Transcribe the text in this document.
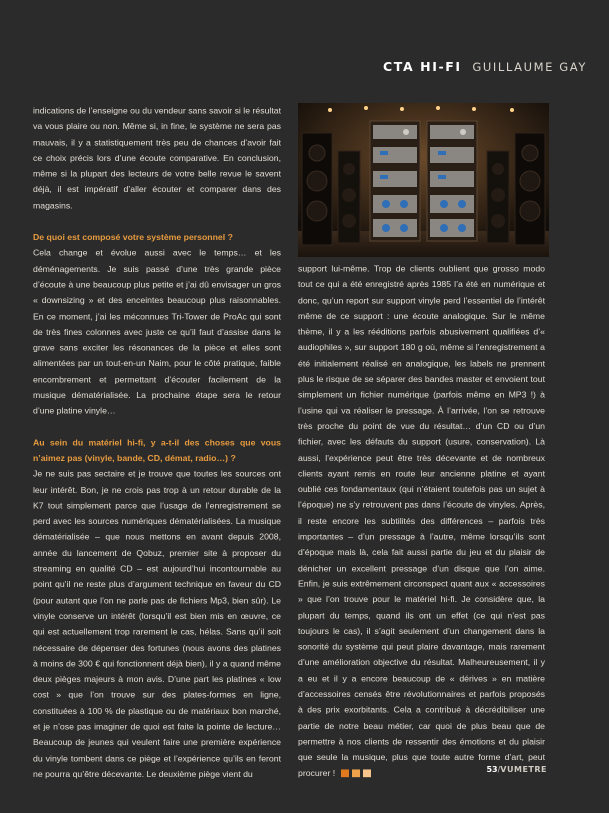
CTA HI-FI GUILLAUME GAY

indications de l’enseigne ou du vendeur sans savoir si le résultat va vous plaire ou non. Même si, in fine, le système ne sera pas mauvais, il y a statistiquement très peu de chances d’avoir fait ce choix précis lors d’une écoute comparative. En conclusion, même si la plupart des lecteurs de votre belle revue le savent déjà, il est impératif d’aller écouter et comparer dans des magasins.

De quoi est composé votre système personnel ?

Cela change et évolue aussi avec le temps… et les déménagements. Je suis passé d’une très grande pièce d’écoute à une beaucoup plus petite et j’ai dû envisager un gros « downsizing » et des enceintes beaucoup plus raisonnables. En ce moment, j’ai les méconnues Tri-Tower de ProAc qui sont de très fines colonnes avec juste ce qu’il faut d’assise dans le grave sans exciter les résonances de la pièce et elles sont alimentées par un tout-en-un Naim, pour le côté pratique, faible encombrement et permettant d’écouter facilement de la musique dématérialisée. La prochaine étape sera le retour d’une platine vinyle…

Au sein du matériel hi-fi, y a-t-il des choses que vous n’aimez pas (vinyle, bande, CD, démat, radio…) ?

Je ne suis pas sectaire et je trouve que toutes les sources ont leur intérêt. Bon, je ne crois pas trop à un retour durable de la K7 tout simplement parce que l’usage de l’enregistrement se perd avec les sources numériques dématérialisées. La musique dématérialisée – que nous mettons en avant depuis 2008, année du lancement de Qobuz, premier site à proposer du streaming en qualité CD – est aujourd’hui incontournable au point qu’il ne reste plus d’argument technique en faveur du CD (pour autant que l’on ne parle pas de fichiers Mp3, bien sûr). Le vinyle conserve un intérêt (lorsqu’il est bien mis en œuvre, ce qui est actuellement trop rarement le cas, hélas. Sans qu’il soit nécessaire de dépenser des fortunes (nous avons des platines à moins de 300 € qui fonctionnent déjà bien), il y a quand même deux pièges majeurs à mon avis. D’une part les platines « low cost » que l’on trouve sur des plates-formes en ligne, constituées à 100 % de plastique ou de matériaux bon marché, et je n’ose pas imaginer de quoi est faite la pointe de lecture… Beaucoup de jeunes qui veulent faire une première expérience du vinyle tombent dans ce piège et l’expérience qu’ils en feront ne pourra qu’être décevante. Le deuxième piège vient du

support lui-même. Trop de clients oublient que grosso modo tout ce qui a été enregistré après 1985 l’a été en numérique et donc, qu’un report sur support vinyle perd l’essentiel de l’intérêt même de ce support : une écoute analogique. Sur le même thème, il y a les rééditions parfois abusivement qualifiées d’« audiophiles », sur support 180 g où, même si l’enregistrement a été initialement réalisé en analogique, les labels ne prennent plus le risque de se séparer des bandes master et envoient tout simplement un fichier numérique (parfois même en MP3 !) à l’usine qui va réaliser le pressage. À l’arrivée, l’on se retrouve très proche du point de vue du résultat… d’un CD ou d’un fichier, avec les défauts du support (usure, conservation). Là aussi, l’expérience peut être très décevante et de nombreux clients ayant remis en route leur ancienne platine et ayant oublié ces fondamentaux (qui n’étaient toutefois pas un sujet à l’époque) ne s’y retrouvent pas dans l’écoute de vinyles. Après, il reste encore les subtilités des différences – parfois très importantes – d’un pressage à l’autre, même lorsqu’ils sont d’époque mais là, cela fait aussi partie du jeu et du plaisir de dénicher un excellent pressage d’un disque que l’on aime. Enfin, je suis extrêmement circonspect quant aux « accessoires » que l’on trouve pour le matériel hi-fi. Je considère que, la plupart du temps, quand ils ont un effet (ce qui n’est pas toujours le cas), il s’agit seulement d’un changement dans la sonorité du système qui peut plaire davantage, mais rarement d’une amélioration objective du résultat. Malheureusement, il y a eu et il y a encore beaucoup de « dérives » en matière d’accessoires censés être révolutionnaires et parfois proposés à des prix exorbitants. Cela a contribué à décrédibiliser une partie de notre beau métier, car quoi de plus beau que de permettre à nos clients de ressentir des émotions et du plaisir que seule la musique, plus que toute autre forme d’art, peut procurer !	53/VUMETRE
